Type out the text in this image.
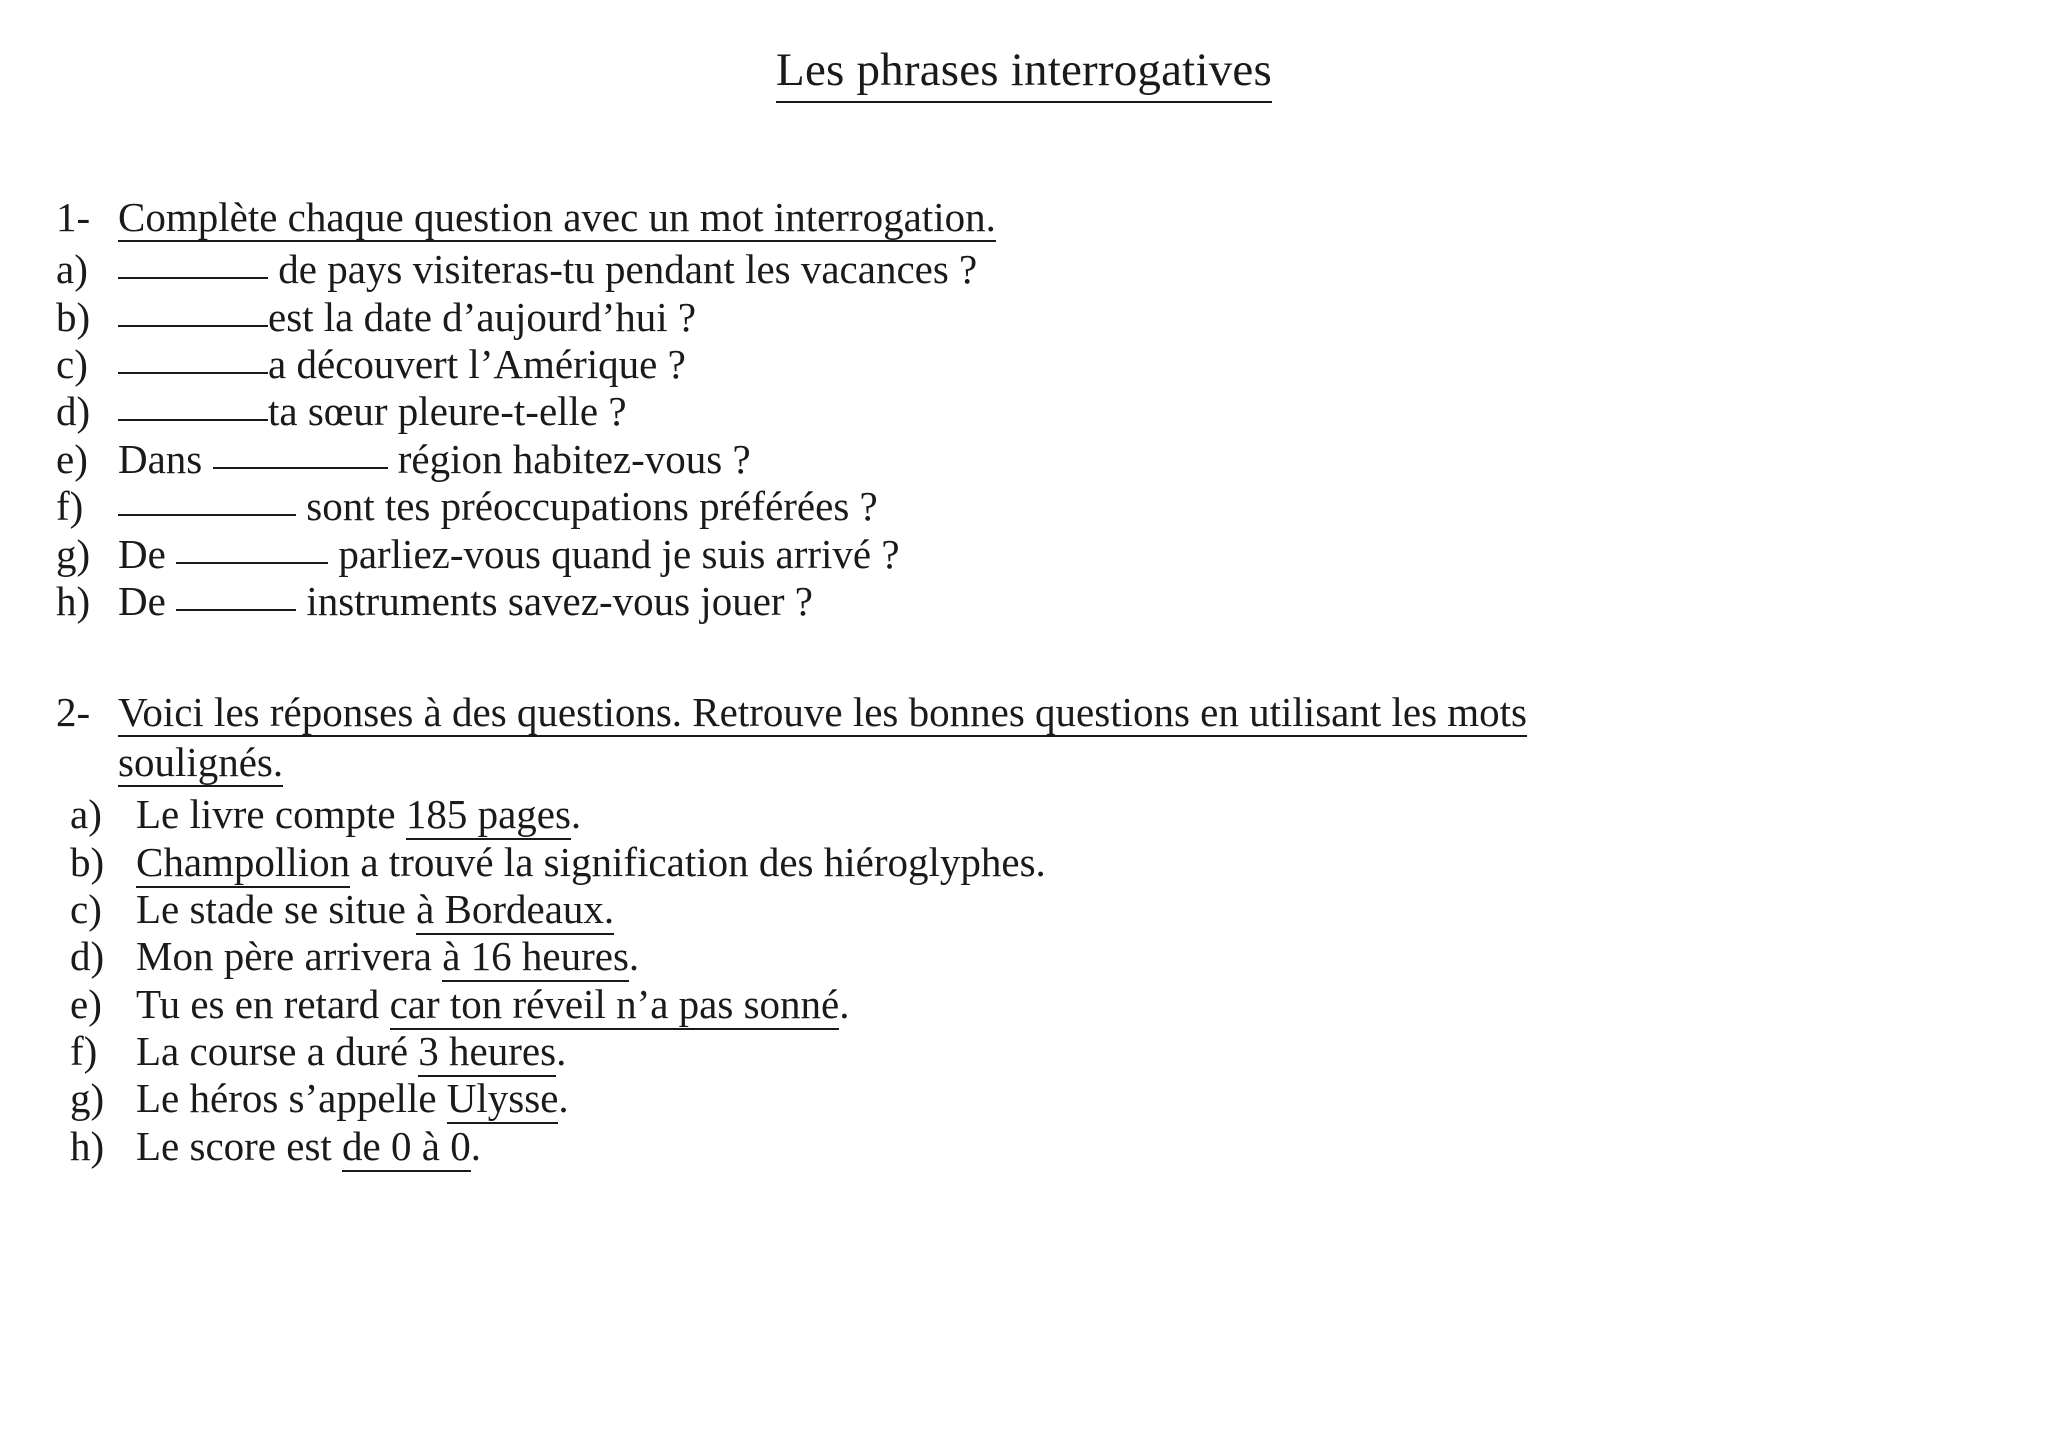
Les phrases interrogatives
1- Complète chaque question avec un mot interrogation.
a)	de pays visiteras-tu pendant les vacances ?
b)	est la date d’aujourd’hui ?
c)	a découvert l’Amérique ?
d)	ta sœur pleure-t-elle ?
e) Dans	région habitez-vous ?
f)	sont tes préoccupations préférées ?
g) De	parliez-vous quand je suis arrivé ?
h) De	instruments savez-vous jouer ?
2- Voici les réponses à des questions. Retrouve les bonnes questions en utilisant les mots
soulignés.
a) Le livre compte 185 pages.
b) Champollion a trouvé la signification des hiéroglyphes.
c) Le stade se situe à Bordeaux.
d) Mon père arrivera à 16 heures.
e) Tu es en retard car ton réveil n’a pas sonné.
f) La course a duré 3 heures.
g) Le héros s’appelle Ulysse.
h) Le score est de 0 à 0.
